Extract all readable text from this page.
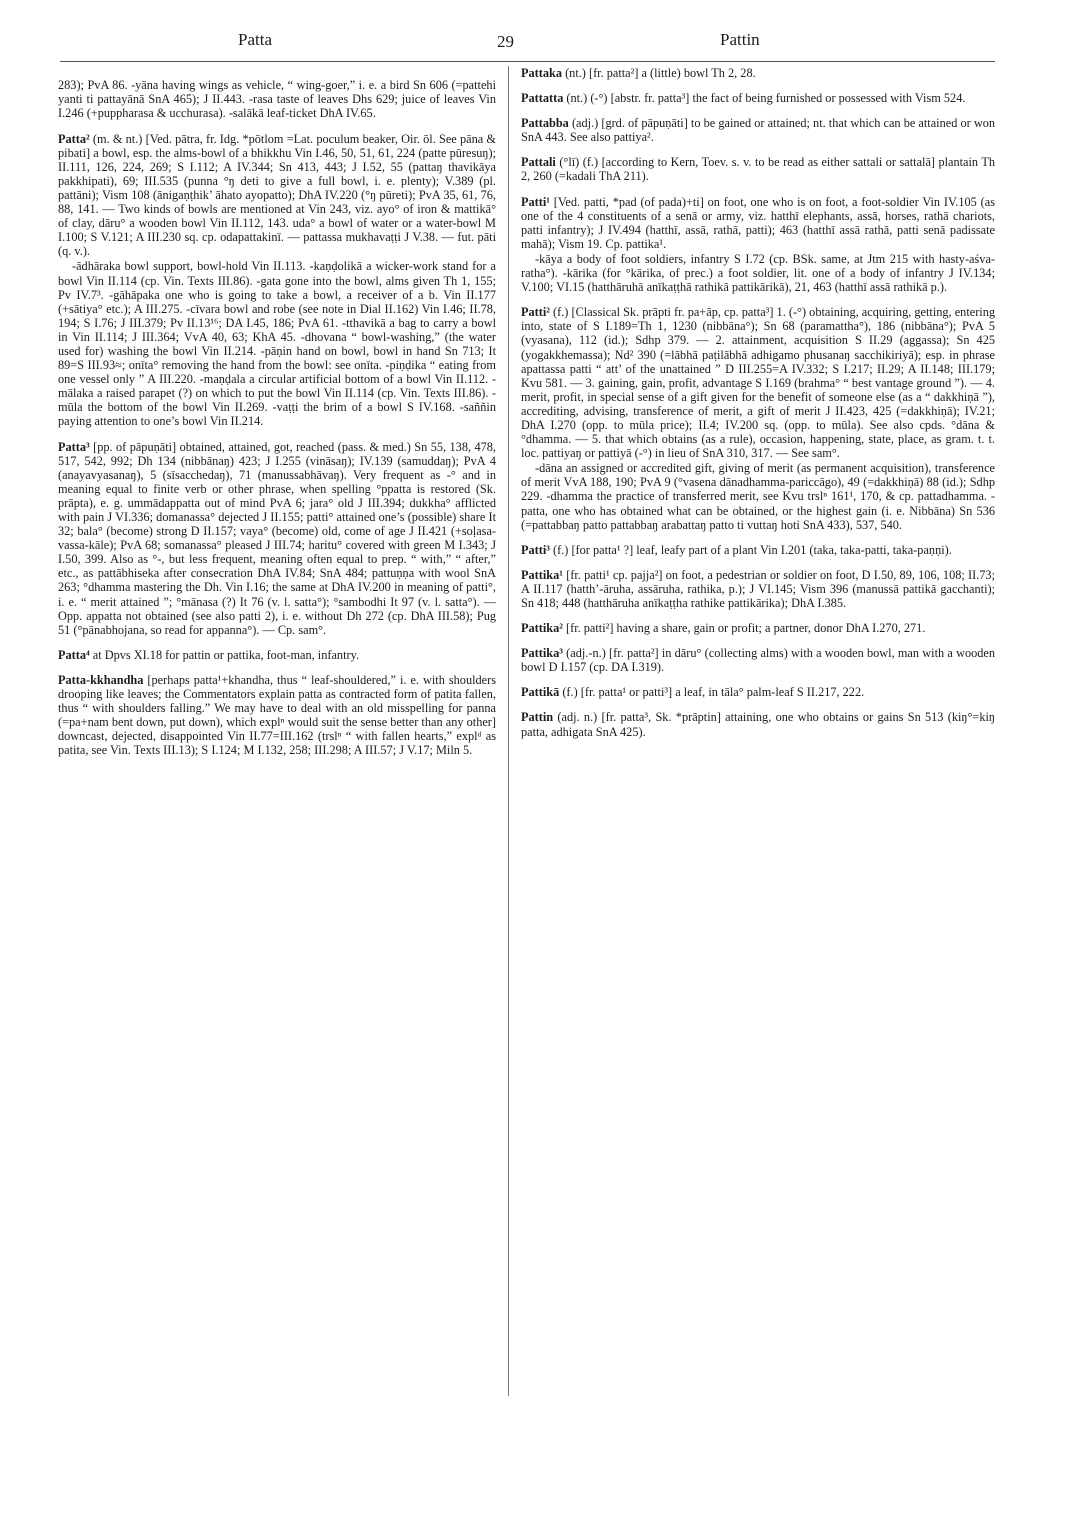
Patta	29	Pattin

283); PvA 86. -yāna having wings as vehicle, “ wing-goer,” i. e. a bird Sn 606 (=pattehi yanti ti pattayānā SnA 465); J II.443. -rasa taste of leaves Dhs 629; juice of leaves Vin I.246 (+puppharasa & ucchurasa). -salākā leaf-ticket DhA IV.65.

Patta² (m. & nt.) [Ved. pātra, fr. Idg. *pōtlom =Lat. poculum beaker, Oir. ōl. See pāna & pibati] a bowl, esp. the alms-bowl of a bhikkhu Vin I.46, 50, 51, 61, 224 (patte pūresuŋ); II.111, 126, 224, 269; S I.112; A IV.344; Sn 413, 443; J I.52, 55 (pattaŋ thavikāya pakkhipati), 69; III.535 (punna °ŋ deti to give a full bowl, i. e. plenty); V.389 (pl. pattāni); Vism 108 (ānigaṇṭhik’ āhato ayopatto); DhA IV.220 (°ŋ pūreti); PvA 35, 61, 76, 88, 141. — Two kinds of bowls are mentioned at Vin 243, viz. ayo° of iron & mattikā° of clay, dāru° a wooden bowl Vin II.112, 143. uda° a bowl of water or a water-bowl M I.100; S V.121; A III.230 sq. cp. odapattakinī. — pattassa mukhavaṭṭi J V.38. — fut. pāti (q. v.).

-ādhāraka bowl support, bowl-hold Vin II.113. -kaṇḍolikā a wicker-work stand for a bowl Vin II.114 (cp. Vin. Texts III.86). -gata gone into the bowl, alms given Th 1, 155; Pv IV.7³. -gāhāpaka one who is going to take a bowl, a receiver of a b. Vin II.177 (+sātiya° etc.); A III.275. -cīvara bowl and robe (see note in Dial II.162) Vin I.46; II.78, 194; S I.76; J III.379; Pv II.13¹⁶; DA I.45, 186; PvA 61. -tthavikā a bag to carry a bowl in Vin II.114; J III.364; VvA 40, 63; KhA 45. -dhovana “ bowl-washing,” (the water used for) washing the bowl Vin II.214. -pāṇin hand on bowl, bowl in hand Sn 713; It 89=S III.93≈; onīta° removing the hand from the bowl: see onīta. -piṇḍika “ eating from one vessel only ” A III.220. -maṇḍala a circular artificial bottom of a bowl Vin II.112. -mālaka a raised parapet (?) on which to put the bowl Vin II.114 (cp. Vin. Texts III.86). -mūla the bottom of the bowl Vin II.269. -vaṭṭi the brim of a bowl S IV.168. -saññin paying attention to one’s bowl Vin II.214.

Patta³ [pp. of pāpuṇāti] obtained, attained, got, reached (pass. & med.) Sn 55, 138, 478, 517, 542, 992; Dh 134 (nibbānaŋ) 423; J I.255 (vināsaŋ); IV.139 (samuddaŋ); PvA 4 (anayavyasanaŋ), 5 (sīsacchedaŋ), 71 (manussabhāvaŋ). Very frequent as -° and in meaning equal to finite verb or other phrase, when spelling °ppatta is restored (Sk. prāpta), e. g. ummādappatta out of mind PvA 6; jara° old J III.394; dukkha° afflicted with pain J VI.336; domanassa° dejected J II.155; patti° attained one’s (possible) share It 32; bala° (become) strong D II.157; vaya° (become) old, come of age J II.421 (+soḷasa-vassa-kāle); PvA 68; somanassa° pleased J III.74; haritu° covered with green M I.343; J I.50, 399. Also as °-, but less frequent, meaning often equal to prep. “ with,” “ after,” etc., as pattābhiseka after consecration DhA IV.84; SnA 484; pattuṇṇa with wool SnA 263; °dhamma mastering the Dh. Vin I.16; the same at DhA IV.200 in meaning of patti°, i. e. “ merit attained ”; °mānasa (?) It 76 (v. l. satta°); °sambodhi It 97 (v. l. satta°). — Opp. appatta not obtained (see also patti 2), i. e. without Dh 272 (cp. DhA III.58); Pug 51 (°pānabhojana, so read for appanna°). — Cp. sam°.

Patta⁴ at Dpvs XI.18 for pattin or pattika, foot-man, infantry.

Patta-kkhandha [perhaps patta¹+khandha, thus “ leaf-shouldered,” i. e. with shoulders drooping like leaves; the Commentators explain patta as contracted form of patita fallen, thus “ with shoulders falling.” We may have to deal with an old misspelling for panna (=pa+nam bent down, put down), which explⁿ would suit the sense better than any other] downcast, dejected, disappointed Vin II.77=III.162 (trslⁿ “ with fallen hearts,” explᵈ as patita, see Vin. Texts III.13); S I.124; M I.132, 258; III.298; A III.57; J V.17; Miln 5.

Pattaka (nt.) [fr. patta²] a (little) bowl Th 2, 28.

Pattatta (nt.) (-°) [abstr. fr. patta³] the fact of being furnished or possessed with Vism 524.

Pattabba (adj.) [grd. of pāpuṇāti] to be gained or attained; nt. that which can be attained or won SnA 443. See also pattiya².

Pattali (°lī) (f.) [according to Kern, Toev. s. v. to be read as either sattali or sattalā] plantain Th 2, 260 (=kadali ThA 211).

Patti¹ [Ved. patti, *pad (of pada)+ti] on foot, one who is on foot, a foot-soldier Vin IV.105 (as one of the 4 constituents of a senā or army, viz. hatthī elephants, assā, horses, rathā chariots, patti infantry); J IV.494 (hatthī, assā, rathā, patti); 463 (hatthī assā rathā, patti senā padissate mahā); Vism 19. Cp. pattika¹.

-kāya a body of foot soldiers, infantry S I.72 (cp. BSk. same, at Jtm 215 with hasty-aśva-ratha°). -kārika (for °kārika, of prec.) a foot soldier, lit. one of a body of infantry J IV.134; V.100; VI.15 (hatthāruhā anīkaṭṭhā rathikā pattikārikā), 21, 463 (hatthī assā rathikā p.).

Patti² (f.) [Classical Sk. prāpti fr. pa+āp, cp. patta³] 1. (-°) obtaining, acquiring, getting, entering into, state of S I.189=Th 1, 1230 (nibbāna°); Sn 68 (paramattha°), 186 (nibbāna°); PvA 5 (vyasana), 112 (id.); Sdhp 379. — 2. attainment, acquisition S II.29 (aggassa); Sn 425 (yogakkhemassa); Nd² 390 (=lābhā paṭilābhā adhigamo phusanaŋ sacchikiriyā); esp. in phrase apattassa patti “ att’ of the unattained ” D III.255=A IV.332; S I.217; II.29; A II.148; III.179; Kvu 581. — 3. gaining, gain, profit, advantage S I.169 (brahma° “ best vantage ground ”). — 4. merit, profit, in special sense of a gift given for the benefit of someone else (as a “ dakkhiṇā ”), accrediting, advising, transference of merit, a gift of merit J II.423, 425 (=dakkhiṇā); IV.21; DhA I.270 (opp. to mūla price); II.4; IV.200 sq. (opp. to mūla). See also cpds. °dāna & °dhamma. — 5. that which obtains (as a rule), occasion, happening, state, place, as gram. t. t. loc. pattiyaŋ or pattiyā (-°) in lieu of SnA 310, 317. — See sam°.

-dāna an assigned or accredited gift, giving of merit (as permanent acquisition), transference of merit VvA 188, 190; PvA 9 (°vasena dānadhamma-pariccāgo), 49 (=dakkhiṇā) 88 (id.); Sdhp 229. -dhamma the practice of transferred merit, see Kvu trslⁿ 161¹, 170, & cp. pattadhamma. -patta, one who has obtained what can be obtained, or the highest gain (i. e. Nibbāna) Sn 536 (=pattabbaŋ patto pattabbaŋ arabattaŋ patto ti vuttaŋ hoti SnA 433), 537, 540.

Patti³ (f.) [for patta¹ ?] leaf, leafy part of a plant Vin I.201 (taka, taka-patti, taka-paṇṇi).

Pattika¹ [fr. patti¹ cp. pajja²] on foot, a pedestrian or soldier on foot, D I.50, 89, 106, 108; II.73; A II.117 (hatth’-āruha, assāruha, rathika, p.); J VI.145; Vism 396 (manussā pattikā gacchanti); Sn 418; 448 (hatthāruha anīkaṭṭha rathike pattikārika); DhA I.385.

Pattika² [fr. patti²] having a share, gain or profit; a partner, donor DhA I.270, 271.

Pattika³ (adj.-n.) [fr. patta²] in dāru° (collecting alms) with a wooden bowl, man with a wooden bowl D I.157 (cp. DA I.319).

Pattikā (f.) [fr. patta¹ or patti³] a leaf, in tāla° palm-leaf S II.217, 222.

Pattin (adj. n.) [fr. patta³, Sk. *prāptin] attaining, one who obtains or gains Sn 513 (kiŋ°=kiŋ patta, adhigata SnA 425).
